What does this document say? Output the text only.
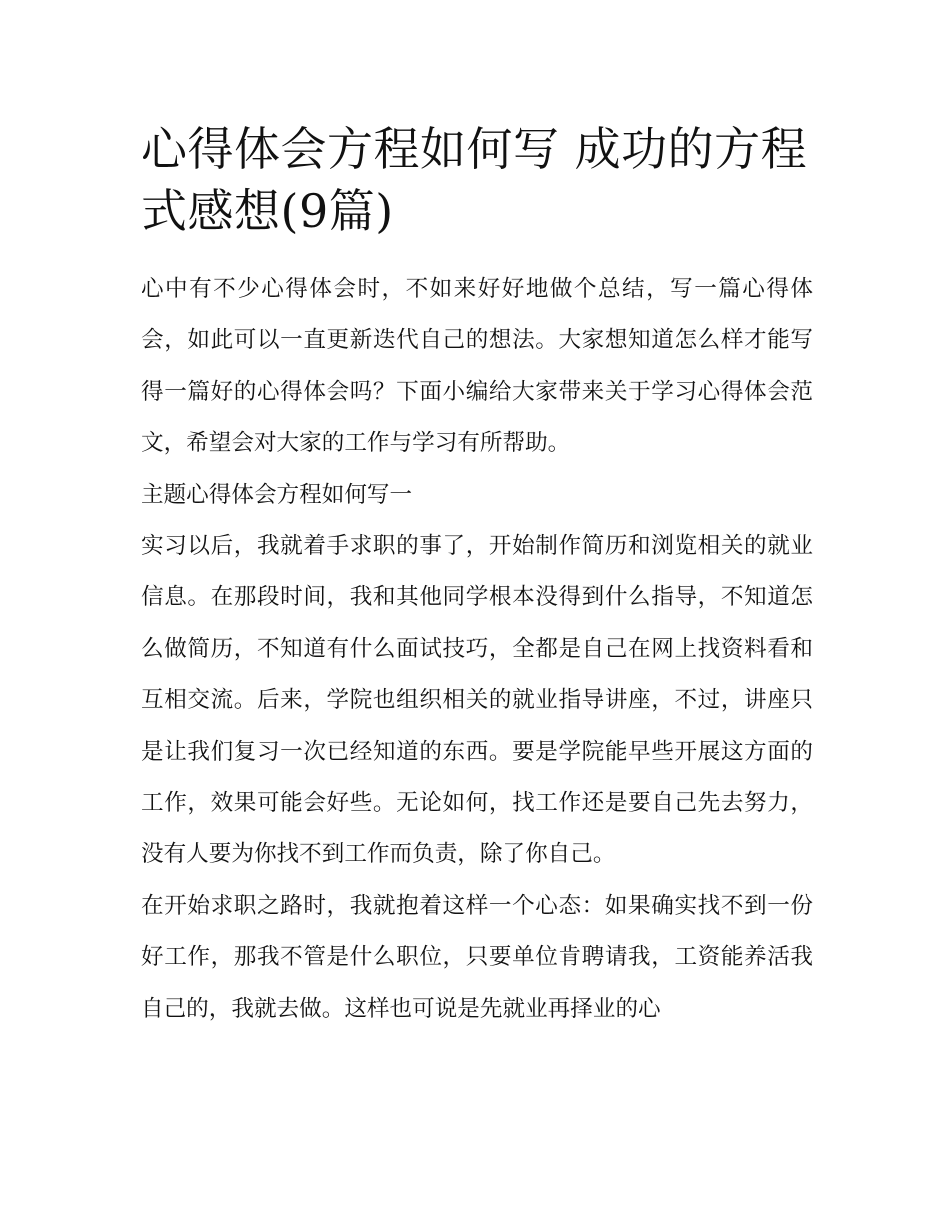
心得体会方程如何写 成功的方程式感想(9篇)

心中有不少心得体会时，不如来好好地做个总结，写一篇心得体会，如此可以一直更新迭代自己的想法。大家想知道怎么样才能写得一篇好的心得体会吗？下面小编给大家带来关于学习心得体会范文，希望会对大家的工作与学习有所帮助。

主题心得体会方程如何写一

实习以后，我就着手求职的事了，开始制作简历和浏览相关的就业信息。在那段时间，我和其他同学根本没得到什么指导，不知道怎么做简历，不知道有什么面试技巧，全都是自己在网上找资料看和互相交流。后来，学院也组织相关的就业指导讲座，不过，讲座只是让我们复习一次已经知道的东西。要是学院能早些开展这方面的工作，效果可能会好些。无论如何，找工作还是要自己先去努力，没有人要为你找不到工作而负责，除了你自己。

在开始求职之路时，我就抱着这样一个心态：如果确实找不到一份好工作，那我不管是什么职位，只要单位肯聘请我，工资能养活我自己的，我就去做。这样也可说是先就业再择业的心
